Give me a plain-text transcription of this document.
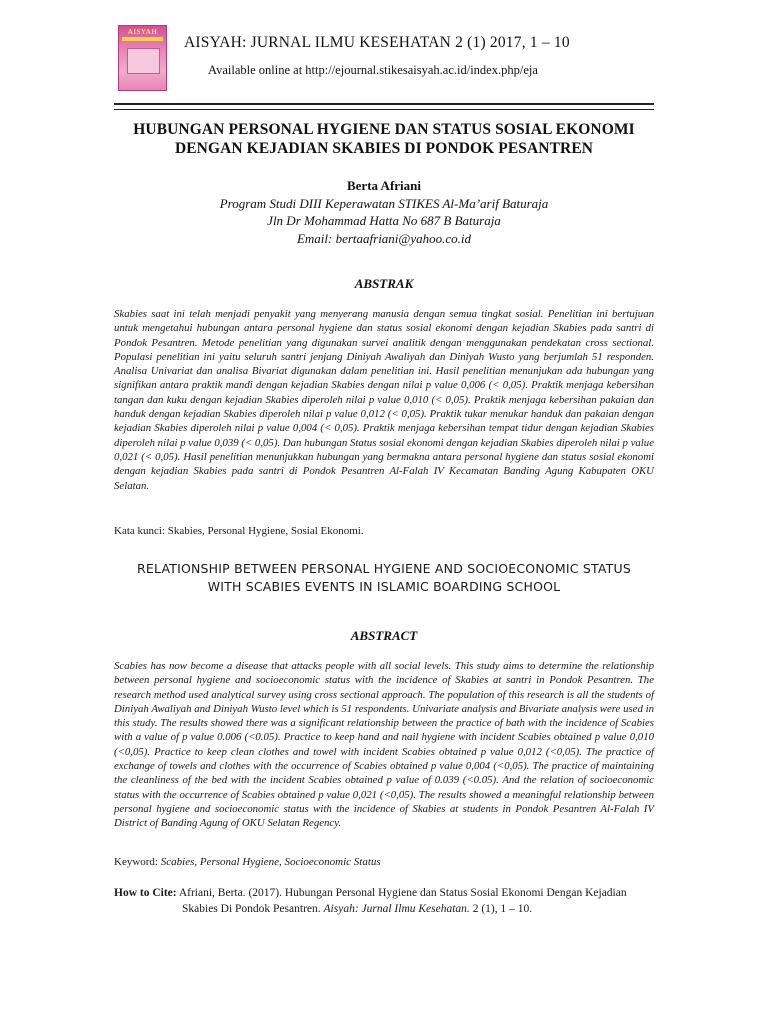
AISYAH
AISYAH: JURNAL ILMU KESEHATAN 2 (1) 2017, 1 – 10
Available online at http://ejournal.stikesaisyah.ac.id/index.php/eja
HUBUNGAN PERSONAL HYGIENE DAN STATUS SOSIAL EKONOMI
DENGAN KEJADIAN SKABIES DI PONDOK PESANTREN
Berta Afriani
Program Studi DIII Keperawatan STIKES Al-Ma’arif Baturaja
Jln Dr Mohammad Hatta No 687 B Baturaja
Email: bertaafriani@yahoo.co.id
ABSTRAK

Skabies saat ini telah menjadi penyakit yang menyerang manusia dengan semua tingkat sosial. Penelitian ini bertujuan untuk mengetahui hubungan antara personal hygiene dan status sosial ekonomi dengan kejadian Skabies pada santri di Pondok Pesantren. Metode penelitian yang digunakan survei analitik dengan menggunakan pendekatan cross sectional. Populasi penelitian ini yaitu seluruh santri jenjang Diniyah Awaliyah dan Diniyah Wusto yang berjumlah 51 responden. Analisa Univariat dan analisa Bivariat digunakan dalam penelitian ini. Hasil penelitian menunjukan ada hubungan yang signifikan antara praktik mandi dengan kejadian Skabies dengan nilai p value 0,006 (< 0,05). Praktik menjaga kebersihan tangan dan kuku dengan kejadian Skabies diperoleh nilai p value 0,010 (< 0,05). Praktik menjaga kebersihan pakaian dan handuk dengan kejadian Skabies diperoleh nilai p value 0,012 (< 0,05). Praktik tukar menukar handuk dan pakaian dengan kejadian Skabies diperoleh nilai p value 0,004 (< 0,05). Praktik menjaga kebersihan tempat tidur dengan kejadian Skabies diperoleh nilai p value 0,039 (< 0,05). Dan hubungan Status sosial ekonomi dengan kejadian Skabies diperoleh nilai p value 0,021 (< 0,05). Hasil penelitian menunjukkan hubungan yang bermakna antara personal hygiene dan status sosial ekonomi dengan kejadian Skabies pada santri di Pondok Pesantren Al-Falah IV Kecamatan Banding Agung Kabupaten OKU Selatan.

Kata kunci: Skabies, Personal Hygiene, Sosial Ekonomi.
RELATIONSHIP BETWEEN PERSONAL HYGIENE AND SOCIOECONOMIC STATUS
WITH SCABIES EVENTS IN ISLAMIC BOARDING SCHOOL
ABSTRACT

Scabies has now become a disease that attacks people with all social levels. This study aims to determine the relationship between personal hygiene and socioeconomic status with the incidence of Skabies at santri in Pondok Pesantren. The research method used analytical survey using cross sectional approach. The population of this research is all the students of Diniyah Awaliyah and Diniyah Wusto level which is 51 respondents. Univariate analysis and Bivariate analysis were used in this study. The results showed there was a significant relationship between the practice of bath with the incidence of Scabies with a value of p value 0.006 (<0.05). Practice to keep hand and nail hygiene with incident Scabies obtained p value 0,010 (<0,05). Practice to keep clean clothes and towel with incident Scabies obtained p value 0,012 (<0,05). The practice of exchange of towels and clothes with the occurrence of Scabies obtained p value 0,004 (<0,05). The practice of maintaining the cleanliness of the bed with the incident Scabies obtained p value of 0.039 (<0.05). And the relation of socioeconomic status with the occurrence of Scabies obtained p value 0,021 (<0,05). The results showed a meaningful relationship between personal hygiene and socioeconomic status with the incidence of Skabies at students in Pondok Pesantren Al-Falah IV District of Banding Agung of OKU Selatan Regency.

Keyword: Scabies, Personal Hygiene, Socioeconomic Status
How to Cite: Afriani, Berta. (2017). Hubungan Personal Hygiene dan Status Sosial Ekonomi Dengan Kejadian
Skabies Di Pondok Pesantren. Aisyah: Jurnal Ilmu Kesehatan. 2 (1), 1 – 10.
